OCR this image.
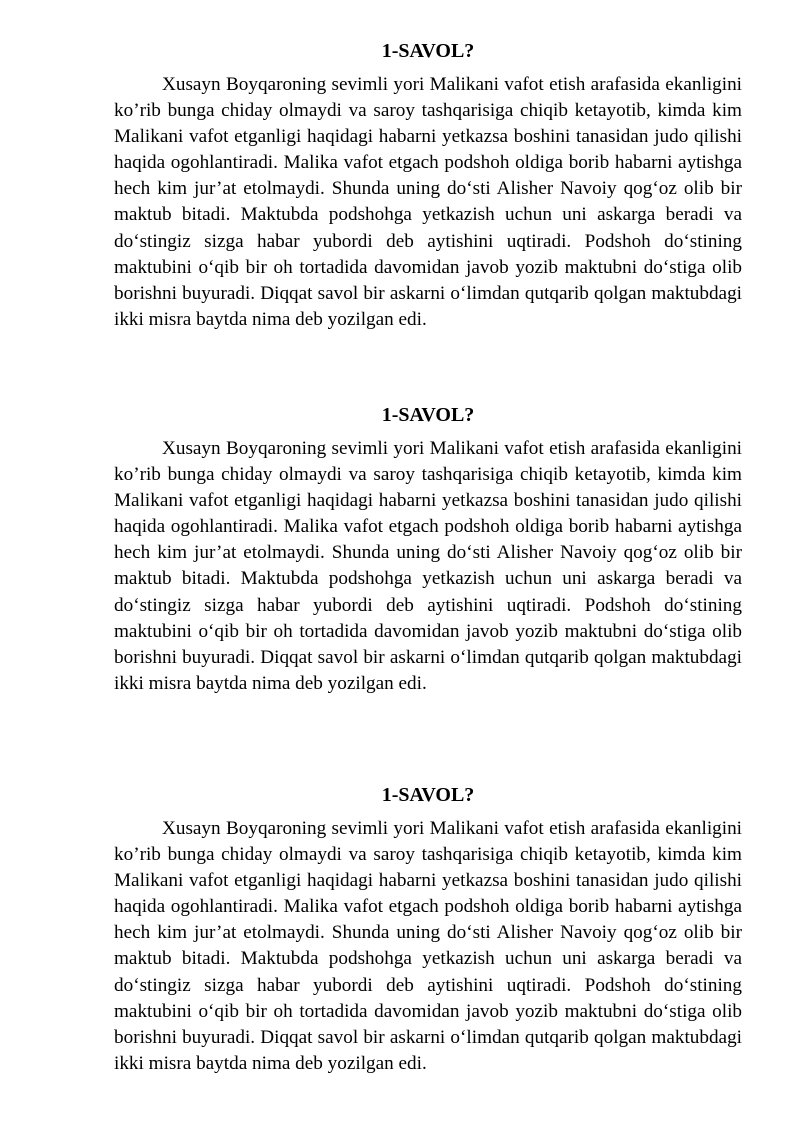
1-SAVOL?

Xusayn Boyqaroning sevimli yori Malikani vafot etish arafasida ekanligini ko’rib bunga chiday olmaydi va saroy tashqarisiga chiqib ketayotib, kimda kim Malikani vafot etganligi haqidagi habarni yetkazsa boshini tanasidan judo qilishi haqida ogohlantiradi. Malika vafot etgach podshoh oldiga borib habarni aytishga hech kim jur’at etolmaydi. Shunda uning do‘sti Alisher Navoiy qog‘oz olib bir maktub bitadi. Maktubda podshohga yetkazish uchun uni askarga beradi va do‘stingiz sizga habar yubordi deb aytishini uqtiradi. Podshoh do‘stining maktubini o‘qib bir oh tortadida davomidan javob yozib maktubni do‘stiga olib borishni buyuradi. Diqqat savol bir askarni o‘limdan qutqarib qolgan maktubdagi ikki misra baytda nima deb yozilgan edi.

1-SAVOL?

Xusayn Boyqaroning sevimli yori Malikani vafot etish arafasida ekanligini ko’rib bunga chiday olmaydi va saroy tashqarisiga chiqib ketayotib, kimda kim Malikani vafot etganligi haqidagi habarni yetkazsa boshini tanasidan judo qilishi haqida ogohlantiradi. Malika vafot etgach podshoh oldiga borib habarni aytishga hech kim jur’at etolmaydi. Shunda uning do‘sti Alisher Navoiy qog‘oz olib bir maktub bitadi. Maktubda podshohga yetkazish uchun uni askarga beradi va do‘stingiz sizga habar yubordi deb aytishini uqtiradi. Podshoh do‘stining maktubini o‘qib bir oh tortadida davomidan javob yozib maktubni do‘stiga olib borishni buyuradi. Diqqat savol bir askarni o‘limdan qutqarib qolgan maktubdagi ikki misra baytda nima deb yozilgan edi.

1-SAVOL?

Xusayn Boyqaroning sevimli yori Malikani vafot etish arafasida ekanligini ko’rib bunga chiday olmaydi va saroy tashqarisiga chiqib ketayotib, kimda kim Malikani vafot etganligi haqidagi habarni yetkazsa boshini tanasidan judo qilishi haqida ogohlantiradi. Malika vafot etgach podshoh oldiga borib habarni aytishga hech kim jur’at etolmaydi. Shunda uning do‘sti Alisher Navoiy qog‘oz olib bir maktub bitadi. Maktubda podshohga yetkazish uchun uni askarga beradi va do‘stingiz sizga habar yubordi deb aytishini uqtiradi. Podshoh do‘stining maktubini o‘qib bir oh tortadida davomidan javob yozib maktubni do‘stiga olib borishni buyuradi. Diqqat savol bir askarni o‘limdan qutqarib qolgan maktubdagi ikki misra baytda nima deb yozilgan edi.
